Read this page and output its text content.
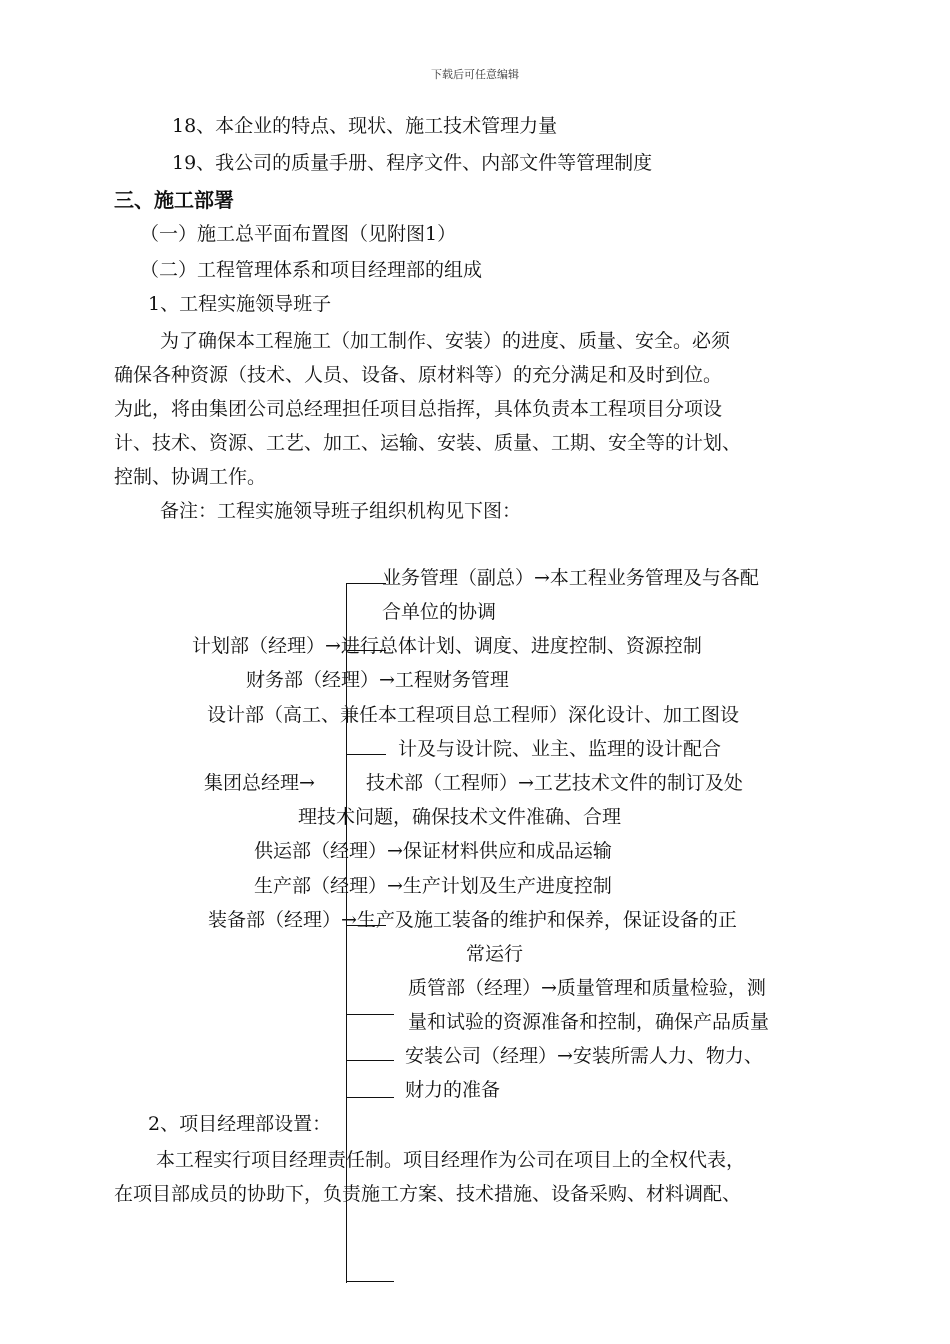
下载后可任意编辑
18、本企业的特点、现状、施工技术管理力量
19、我公司的质量手册、程序文件、内部文件等管理制度
三、施工部署
（一）施工总平面布置图（见附图1）
（二）工程管理体系和项目经理部的组成
1、工程实施领导班子
为了确保本工程施工（加工制作、安装）的进度、质量、安全。必须
确保各种资源（技术、人员、设备、原材料等）的充分满足和及时到位。
为此，将由集团公司总经理担任项目总指挥，具体负责本工程项目分项设
计、技术、资源、工艺、加工、运输、安装、质量、工期、安全等的计划、
控制、协调工作。
备注：工程实施领导班子组织机构见下图：
业务管理（副总）→本工程业务管理及与各配
合单位的协调
计划部（经理）→进行总体计划、调度、进度控制、资源控制
财务部（经理）→工程财务管理
设计部（高工、兼任本工程项目总工程师）深化设计、加工图设
计及与设计院、业主、监理的设计配合
集团总经理→	技术部（工程师）→工艺技术文件的制订及处
理技术问题，确保技术文件准确、合理
供运部（经理）→保证材料供应和成品运输
生产部（经理）→生产计划及生产进度控制
装备部（经理）→生产及施工装备的维护和保养，保证设备的正
常运行
质管部（经理）→质量管理和质量检验，测
量和试验的资源准备和控制，确保产品质量
安装公司（经理）→安装所需人力、物力、
财力的准备
2、项目经理部设置：
本工程实行项目经理责任制。项目经理作为公司在项目上的全权代表，
在项目部成员的协助下，负责施工方案、技术措施、设备采购、材料调配、
